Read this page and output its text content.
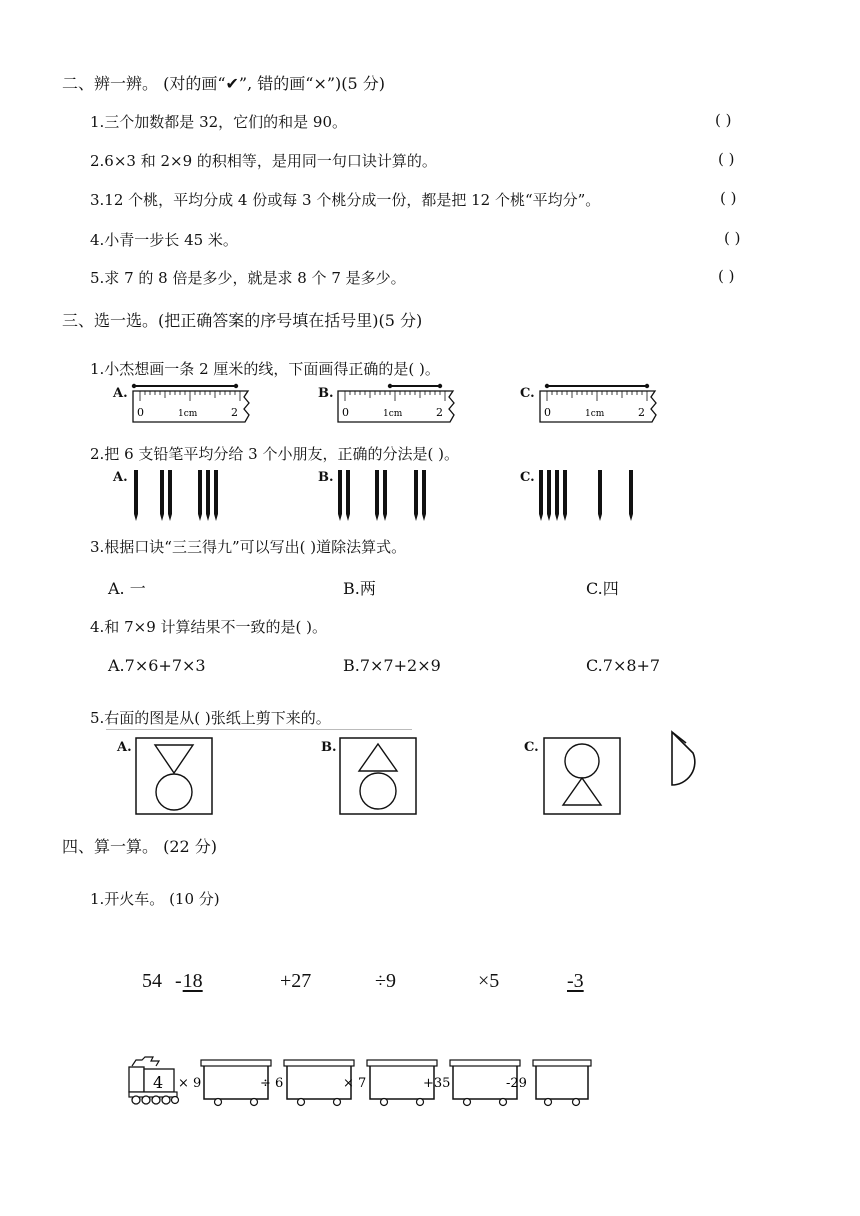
二、辨一辨。 (对的画“✔”, 错的画“×”)(5 分)
1.三个加数都是 32，它们的和是 90。	( )
2.6×3 和 2×9 的积相等，是用同一句口诀计算的。	( )
3.12 个桃，平均分成 4 份或每 3 个桃分成一份，都是把 12 个桃“平均分”。	( )
4.小青一步长 45 米。	( )
5.求 7 的 8 倍是多少，就是求 8 个 7 是多少。	( )
三、选一选。(把正确答案的序号填在括号里)(5 分)
1.小杰想画一条 2 厘米的线，下面画得正确的是( )。
A.
0	1cm	2
B.
0	1cm	2
C.
0	1cm	2
2.把 6 支铅笔平均分给 3 个小朋友，正确的分法是( )。
A.	B.	C.
3.根据口诀“三三得九”可以写出( )道除法算式。
A. 一	B.两	C.四
4.和 7×9 计算结果不一致的是( )。
A.7×6+7×3	B.7×7+2×9	C.7×8+7
5.右面的图是从( )张纸上剪下来的。
A.	B.	C.
四、算一算。 (22 分)
1.开火车。 (10 分)
54 -18	+27	÷9	×5	-3
4 × 9	÷ 6	× 7	+35	-29
